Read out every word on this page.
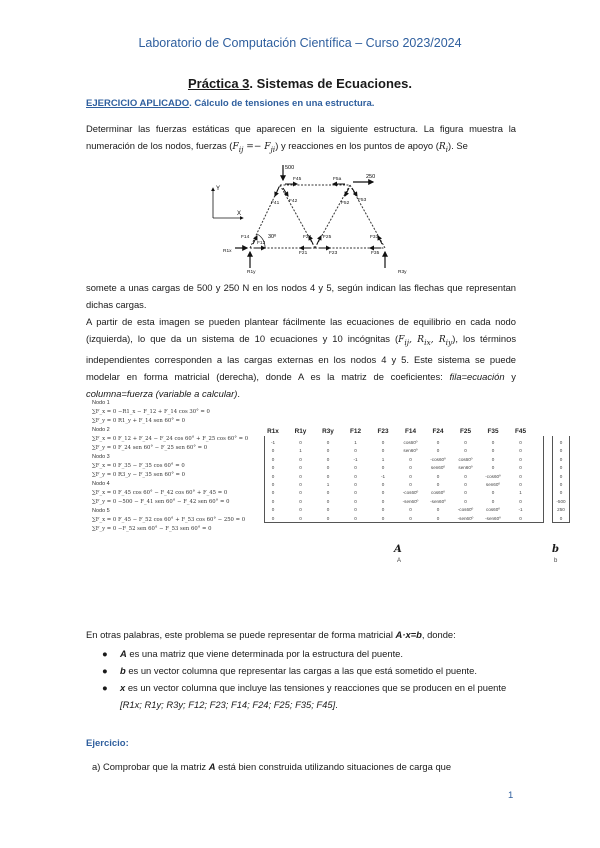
Laboratorio de Computación Científica – Curso 2023/2024
Práctica 3. Sistemas de Ecuaciones.
EJERCICIO APLICADO. Cálculo de tensiones en una estructura.
Determinar las fuerzas estáticas que aparecen en la siguiente estructura. La figura muestra la numeración de los nodos, fuerzas $(F_{ij} =- F_{ji})$ y reacciones en los puntos de apoyo $(R_i)$. Se
Y
X
500
250
30º
F45
F41 F42
F5a
F52
F53
F14
F12
R1x
F24 F25	F33
F21	F23	F35
R1y	R3y
somete a unas cargas de 500 y 250 N en los nodos 4 y 5, según indican las flechas que representan dichas cargas.
A partir de esta imagen se pueden plantear fácilmente las ecuaciones de equilibrio en cada nodo (izquierda), lo que da un sistema de 10 ecuaciones y 10 incógnitas ($F_{ij}$, $R_{ix}$, $R_{iy}$), los términos independientes corresponden a las cargas externas en los nodos 4 y 5. Este sistema se puede modelar en forma matricial (derecha), donde A es la matriz de coeficientes: fila=ecuación y columna=fuerza (variable a calcular).
Nodo 1
∑F_x = 0 −R1_x − F_12 + F_14 cos 30° = 0
∑F_y = 0 R1_y + F_14 sen 60° = 0
Nodo 2
∑F_x = 0 F_12 + F_24 − F_24 cos 60° + F_25 cos 60° = 0
∑F_y = 0 F_24 sen 60° − F_25 sen 60° = 0
Nodo 3
∑F_x = 0 F_35 − F_35 cos 60° = 0
∑F_y = 0 R3_y − F_35 sen 60° = 0
Nodo 4
∑F_x = 0 F_45 cos 60° − F_42 cos 60° + F_45 = 0
∑F_y = 0 −500 − F_41 sen 60° − F_42 sen 60° = 0
Nodo 5
∑F_x = 0 F_45 − F_52 cos 60° + F_53 cos 60° − 250 = 0
∑F_y = 0 −F_52 sen 60° − F_53 sen 60° = 0
R1x	R1y	R3y	F12	F23	F14	F24	F25	F35	F45
-1	0	0	1	0	cos60º	0	0	0	0
0	1	0	0	0	sen60º	0	0	0	0
0	0	0	-1	1	0	-cos60º	cos60º	0	0
0	0	0	0	0	0	sen60º	sen60º	0	0
0	0	0	0	-1	0	0	0	-cos60º	0
0	0	1	0	0	0	0	0	sen60º	0
0	0	0	0	0	-cos60º	cos60º	0	0	1
0	0	0	0	0	-sen60º	-sen60º	0	0	0
0	0	0	0	0	0	0	-cos60º	cos60º	-1
0	0	0	0	0	0	0	-sen60º	-sen60º	0
0
0
0
0
0
0
0
-500
250
0
A
A
b
b
En otras palabras, este problema se puede representar de forma matricial A·x=b, donde:
● A es una matriz que viene determinada por la estructura del puente.
● b es un vector columna que representar las cargas a las que está sometido el puente.
● x es un vector columna que incluye las tensiones y reacciones que se producen en el puente [R1x; R1y; R3y; F12; F23; F14; F24; F25; F35; F45].
Ejercicio:
a) Comprobar que la matriz A está bien construida utilizando situaciones de carga que
1
